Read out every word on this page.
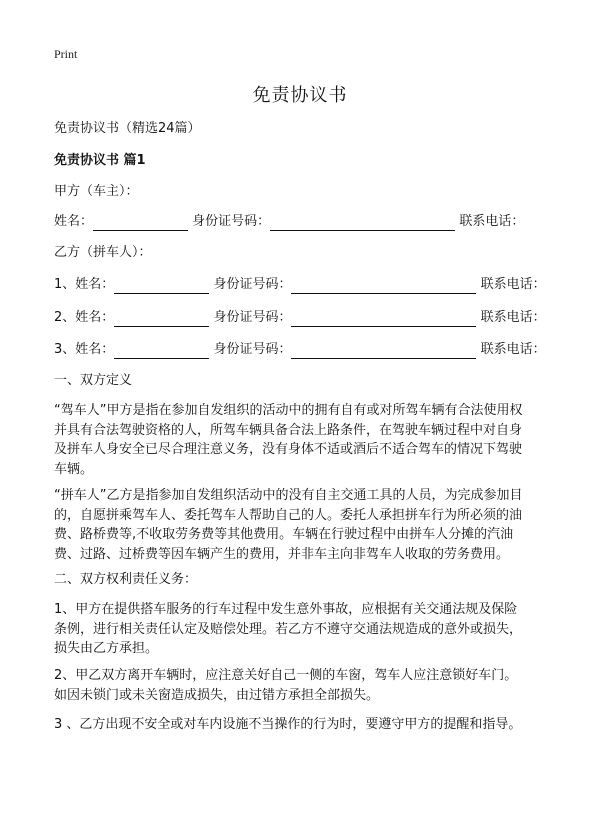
Print
免责协议书
免责协议书（精选24篇）
免责协议书 篇1
甲方（车主）：
姓名：	身份证号码：	联系电话：
乙方（拼车人）：
1、姓名：	身份证号码：	联系电话：
2、姓名：	身份证号码：	联系电话：
3、姓名：	身份证号码：	联系电话：
一、双方定义
“驾车人”甲方是指在参加自发组织的活动中的拥有自有或对所驾车辆有合法使用权
并具有合法驾驶资格的人，所驾车辆具备合法上路条件，在驾驶车辆过程中对自身
及拼车人身安全已尽合理注意义务，没有身体不适或酒后不适合驾车的情况下驾驶
车辆。
“拼车人”乙方是指参加自发组织活动中的没有自主交通工具的人员，为完成参加目
的，自愿拼乘驾车人、委托驾车人帮助自己的人。委托人承担拼车行为所必须的油
费、路桥费等,不收取劳务费等其他费用。车辆在行驶过程中由拼车人分摊的汽油
费、过路、过桥费等因车辆产生的费用，并非车主向非驾车人收取的劳务费用。
二、双方权利责任义务：
1、甲方在提供搭车服务的行车过程中发生意外事故，应根据有关交通法规及保险
条例，进行相关责任认定及赔偿处理。若乙方不遵守交通法规造成的意外或损失，
损失由乙方承担。
2、甲乙双方离开车辆时，应注意关好自己一侧的车窗，驾车人应注意锁好车门。
如因未锁门或未关窗造成损失，由过错方承担全部损失。
3 、乙方出现不安全或对车内设施不当操作的行为时，要遵守甲方的提醒和指导。
